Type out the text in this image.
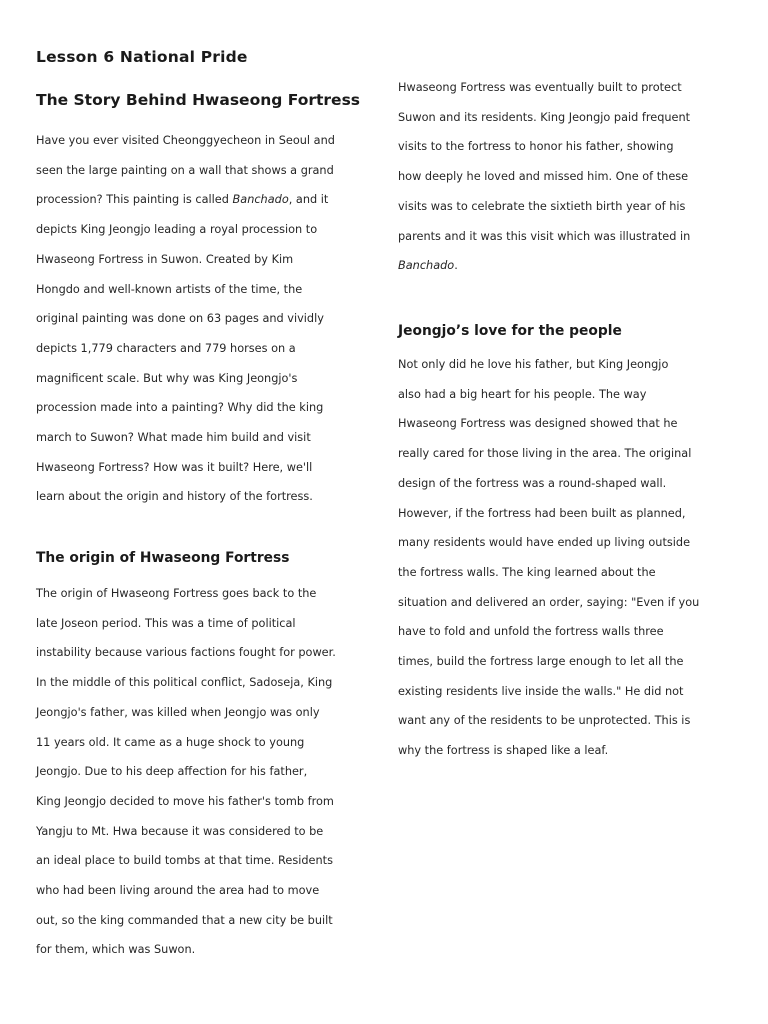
Lesson 6 National Pride
The Story Behind Hwaseong Fortress
Have you ever visited Cheonggyecheon in Seoul and
seen the large painting on a wall that shows a grand
procession? This painting is called Banchado, and it
depicts King Jeongjo leading a royal procession to
Hwaseong Fortress in Suwon. Created by Kim
Hongdo and well-known artists of the time, the
original painting was done on 63 pages and vividly
depicts 1,779 characters and 779 horses on a
magnificent scale. But why was King Jeongjo's
procession made into a painting? Why did the king
march to Suwon? What made him build and visit
Hwaseong Fortress? How was it built? Here, we'll
learn about the origin and history of the fortress.
The origin of Hwaseong Fortress
The origin of Hwaseong Fortress goes back to the
late Joseon period. This was a time of political
instability because various factions fought for power.
In the middle of this political conflict, Sadoseja, King
Jeongjo's father, was killed when Jeongjo was only
11 years old. It came as a huge shock to young
Jeongjo. Due to his deep affection for his father,
King Jeongjo decided to move his father's tomb from
Yangju to Mt. Hwa because it was considered to be
an ideal place to build tombs at that time. Residents
who had been living around the area had to move
out, so the king commanded that a new city be built
for them, which was Suwon.
Hwaseong Fortress was eventually built to protect
Suwon and its residents. King Jeongjo paid frequent
visits to the fortress to honor his father, showing
how deeply he loved and missed him. One of these
visits was to celebrate the sixtieth birth year of his
parents and it was this visit which was illustrated in
Banchado.
Jeongjo’s love for the people
Not only did he love his father, but King Jeongjo
also had a big heart for his people. The way
Hwaseong Fortress was designed showed that he
really cared for those living in the area. The original
design of the fortress was a round-shaped wall.
However, if the fortress had been built as planned,
many residents would have ended up living outside
the fortress walls. The king learned about the
situation and delivered an order, saying: "Even if you
have to fold and unfold the fortress walls three
times, build the fortress large enough to let all the
existing residents live inside the walls." He did not
want any of the residents to be unprotected. This is
why the fortress is shaped like a leaf.
